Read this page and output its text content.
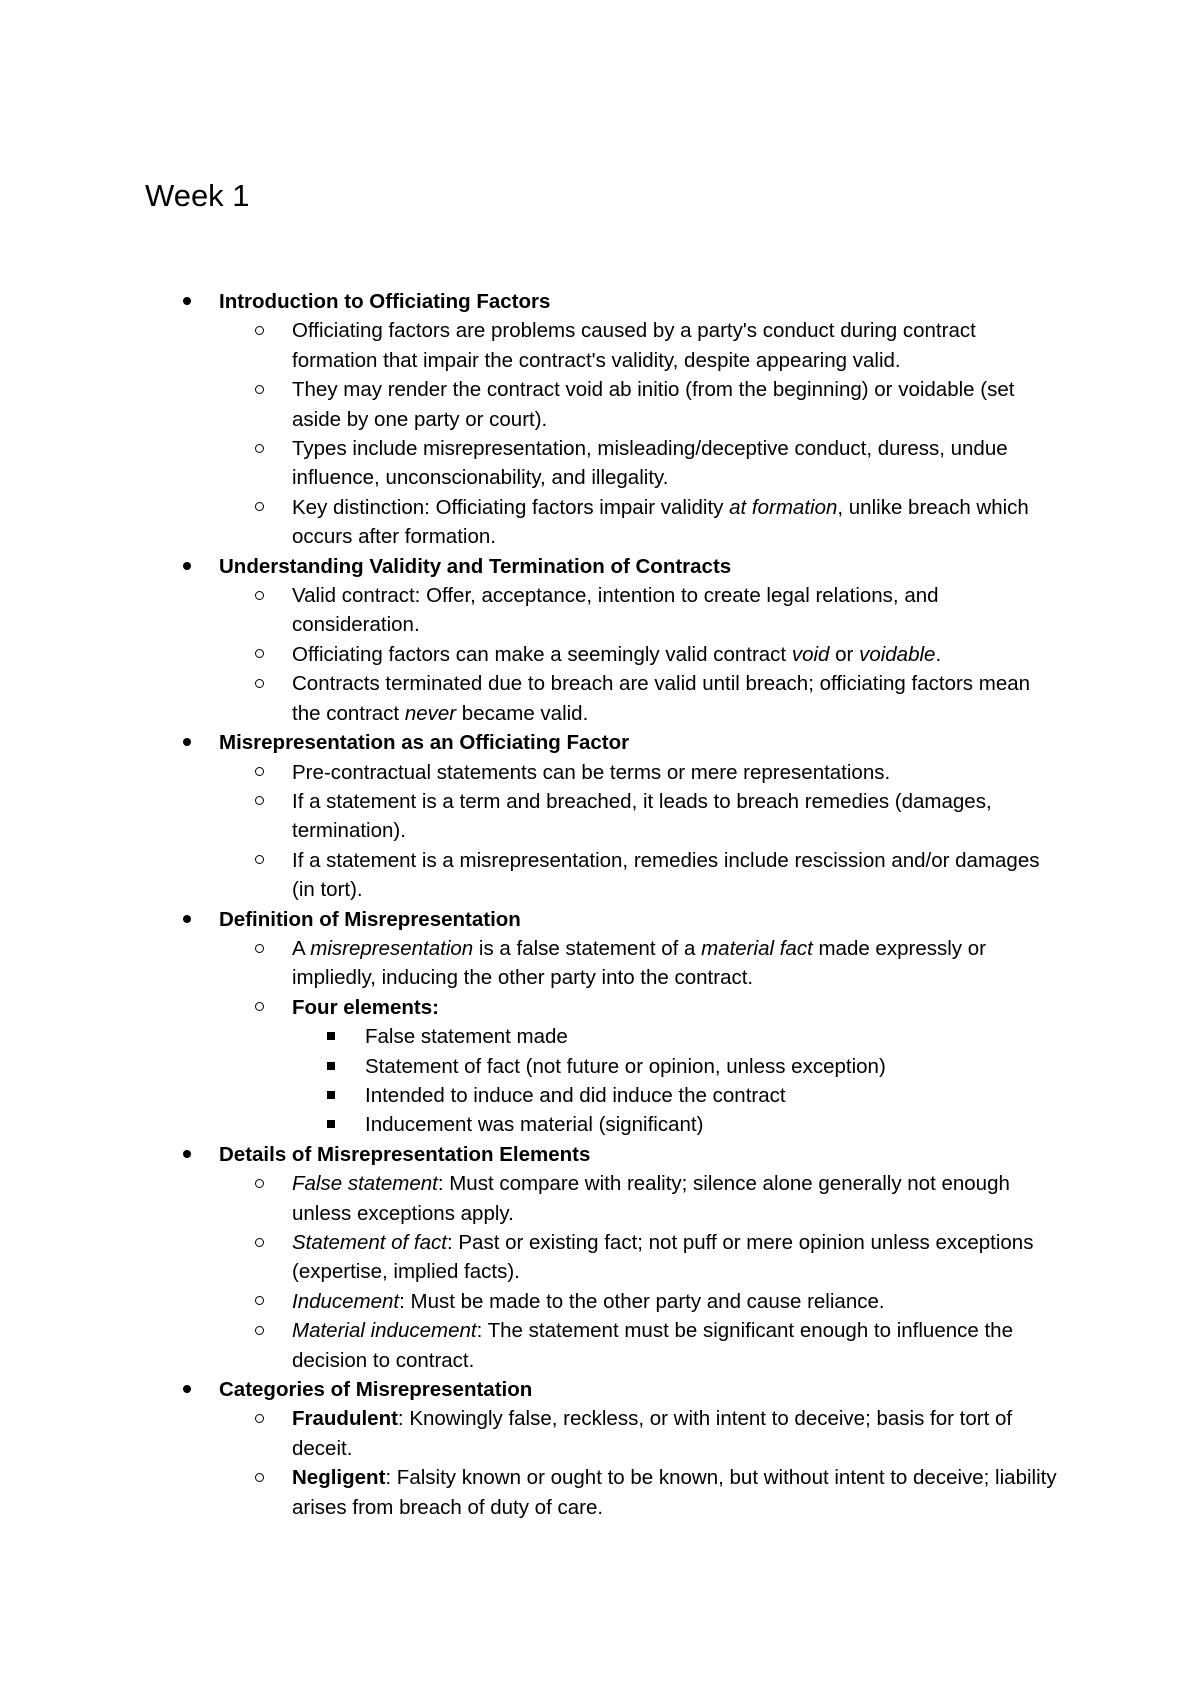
Week 1
Introduction to Officiating Factors
Officiating factors are problems caused by a party's conduct during contract formation that impair the contract's validity, despite appearing valid.
They may render the contract void ab initio (from the beginning) or voidable (set aside by one party or court).
Types include misrepresentation, misleading/deceptive conduct, duress, undue influence, unconscionability, and illegality.
Key distinction: Officiating factors impair validity at formation, unlike breach which occurs after formation.
Understanding Validity and Termination of Contracts
Valid contract: Offer, acceptance, intention to create legal relations, and consideration.
Officiating factors can make a seemingly valid contract void or voidable.
Contracts terminated due to breach are valid until breach; officiating factors mean the contract never became valid.
Misrepresentation as an Officiating Factor
Pre-contractual statements can be terms or mere representations.
If a statement is a term and breached, it leads to breach remedies (damages, termination).
If a statement is a misrepresentation, remedies include rescission and/or damages (in tort).
Definition of Misrepresentation
A misrepresentation is a false statement of a material fact made expressly or impliedly, inducing the other party into the contract.
Four elements:
False statement made
Statement of fact (not future or opinion, unless exception)
Intended to induce and did induce the contract
Inducement was material (significant)
Details of Misrepresentation Elements
False statement: Must compare with reality; silence alone generally not enough unless exceptions apply.
Statement of fact: Past or existing fact; not puff or mere opinion unless exceptions (expertise, implied facts).
Inducement: Must be made to the other party and cause reliance.
Material inducement: The statement must be significant enough to influence the decision to contract.
Categories of Misrepresentation
Fraudulent: Knowingly false, reckless, or with intent to deceive; basis for tort of deceit.
Negligent: Falsity known or ought to be known, but without intent to deceive; liability arises from breach of duty of care.
